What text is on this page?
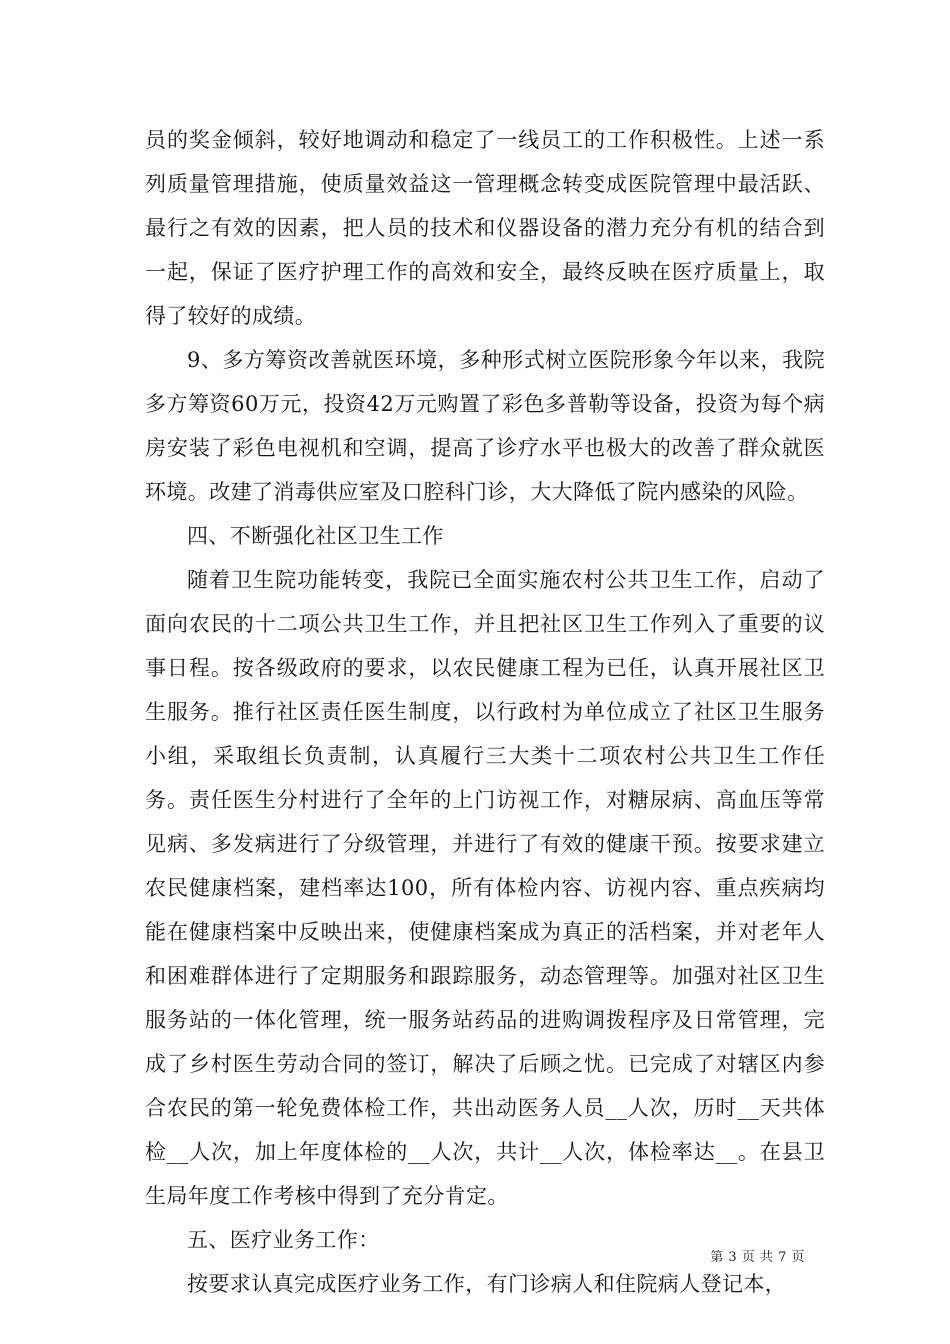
员的奖金倾斜，较好地调动和稳定了一线员工的工作积极性。上述一系列质量管理措施，使质量效益这一管理概念转变成医院管理中最活跃、最行之有效的因素，把人员的技术和仪器设备的潜力充分有机的结合到一起，保证了医疗护理工作的高效和安全，最终反映在医疗质量上，取得了较好的成绩。

9、多方筹资改善就医环境，多种形式树立医院形象今年以来，我院多方筹资60万元，投资42万元购置了彩色多普勒等设备，投资为每个病房安装了彩色电视机和空调，提高了诊疗水平也极大的改善了群众就医环境。改建了消毒供应室及口腔科门诊，大大降低了院内感染的风险。

四、不断强化社区卫生工作

随着卫生院功能转变，我院已全面实施农村公共卫生工作，启动了面向农民的十二项公共卫生工作，并且把社区卫生工作列入了重要的议事日程。按各级政府的要求，以农民健康工程为已任，认真开展社区卫生服务。推行社区责任医生制度，以行政村为单位成立了社区卫生服务小组，采取组长负责制，认真履行三大类十二项农村公共卫生工作任务。责任医生分村进行了全年的上门访视工作，对糖尿病、高血压等常见病、多发病进行了分级管理，并进行了有效的健康干预。按要求建立农民健康档案，建档率达100，所有体检内容、访视内容、重点疾病均能在健康档案中反映出来，使健康档案成为真正的活档案，并对老年人和困难群体进行了定期服务和跟踪服务，动态管理等。加强对社区卫生服务站的一体化管理，统一服务站药品的进购调拨程序及日常管理，完成了乡村医生劳动合同的签订，解决了后顾之忧。已完成了对辖区内参合农民的第一轮免费体检工作，共出动医务人员__人次，历时__天共体检__人次，加上年度体检的__人次，共计__人次，体检率达__。在县卫生局年度工作考核中得到了充分肯定。

五、医疗业务工作：

按要求认真完成医疗业务工作，有门诊病人和住院病人登记本，

第 3 页 共 7 页
